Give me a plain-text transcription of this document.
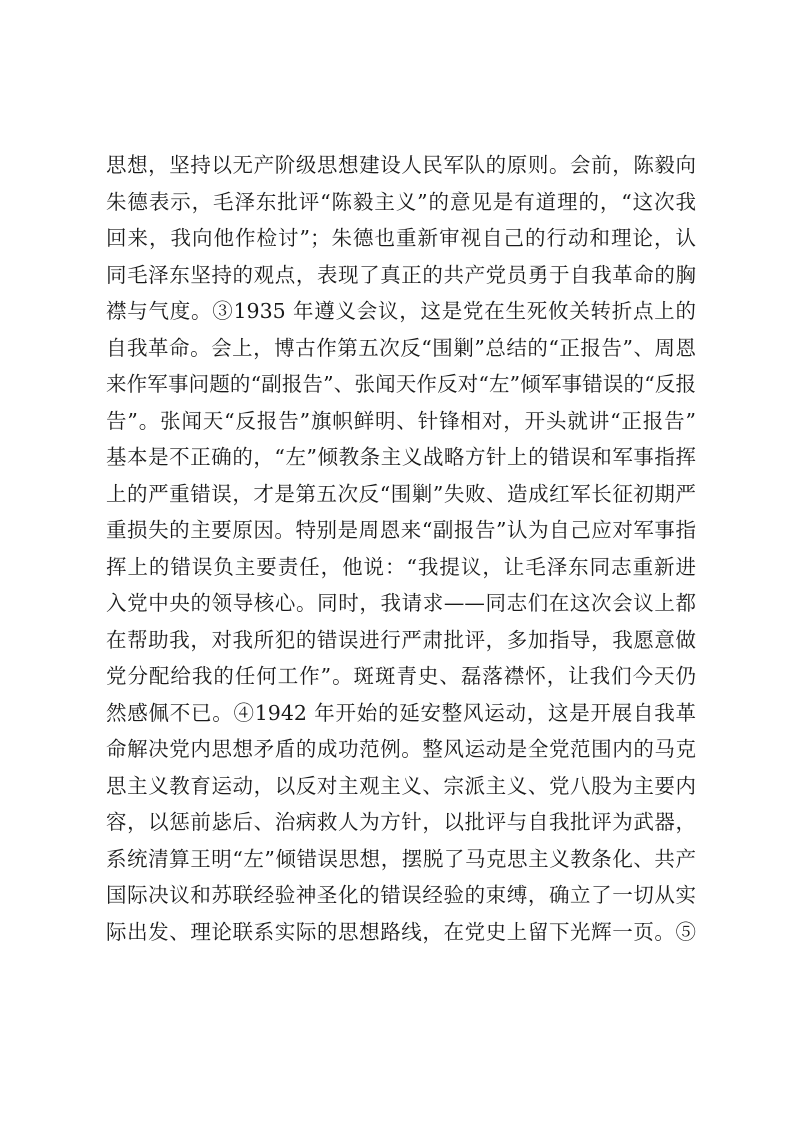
思想，坚持以无产阶级思想建设人民军队的原则。会前，陈毅向
朱德表示，毛泽东批评“陈毅主义”的意见是有道理的，“这次我
回来，我向他作检讨”；朱德也重新审视自己的行动和理论，认
同毛泽东坚持的观点，表现了真正的共产党员勇于自我革命的胸
襟与气度。③1935 年遵义会议，这是党在生死攸关转折点上的
自我革命。会上，博古作第五次反“围剿”总结的“正报告”、周恩
来作军事问题的“副报告”、张闻天作反对“左”倾军事错误的“反报
告”。张闻天“反报告”旗帜鲜明、针锋相对，开头就讲“正报告”
基本是不正确的，“左”倾教条主义战略方针上的错误和军事指挥
上的严重错误，才是第五次反“围剿”失败、造成红军长征初期严
重损失的主要原因。特别是周恩来“副报告”认为自己应对军事指
挥上的错误负主要责任，他说：“我提议，让毛泽东同志重新进
入党中央的领导核心。同时，我请求——同志们在这次会议上都
在帮助我，对我所犯的错误进行严肃批评，多加指导，我愿意做
党分配给我的任何工作”。斑斑青史、磊落襟怀，让我们今天仍
然感佩不已。④1942 年开始的延安整风运动，这是开展自我革
命解决党内思想矛盾的成功范例。整风运动是全党范围内的马克
思主义教育运动，以反对主观主义、宗派主义、党八股为主要内
容，以惩前毖后、治病救人为方针，以批评与自我批评为武器，
系统清算王明“左”倾错误思想，摆脱了马克思主义教条化、共产
国际决议和苏联经验神圣化的错误经验的束缚，确立了一切从实
际出发、理论联系实际的思想路线，在党史上留下光辉一页。⑤
